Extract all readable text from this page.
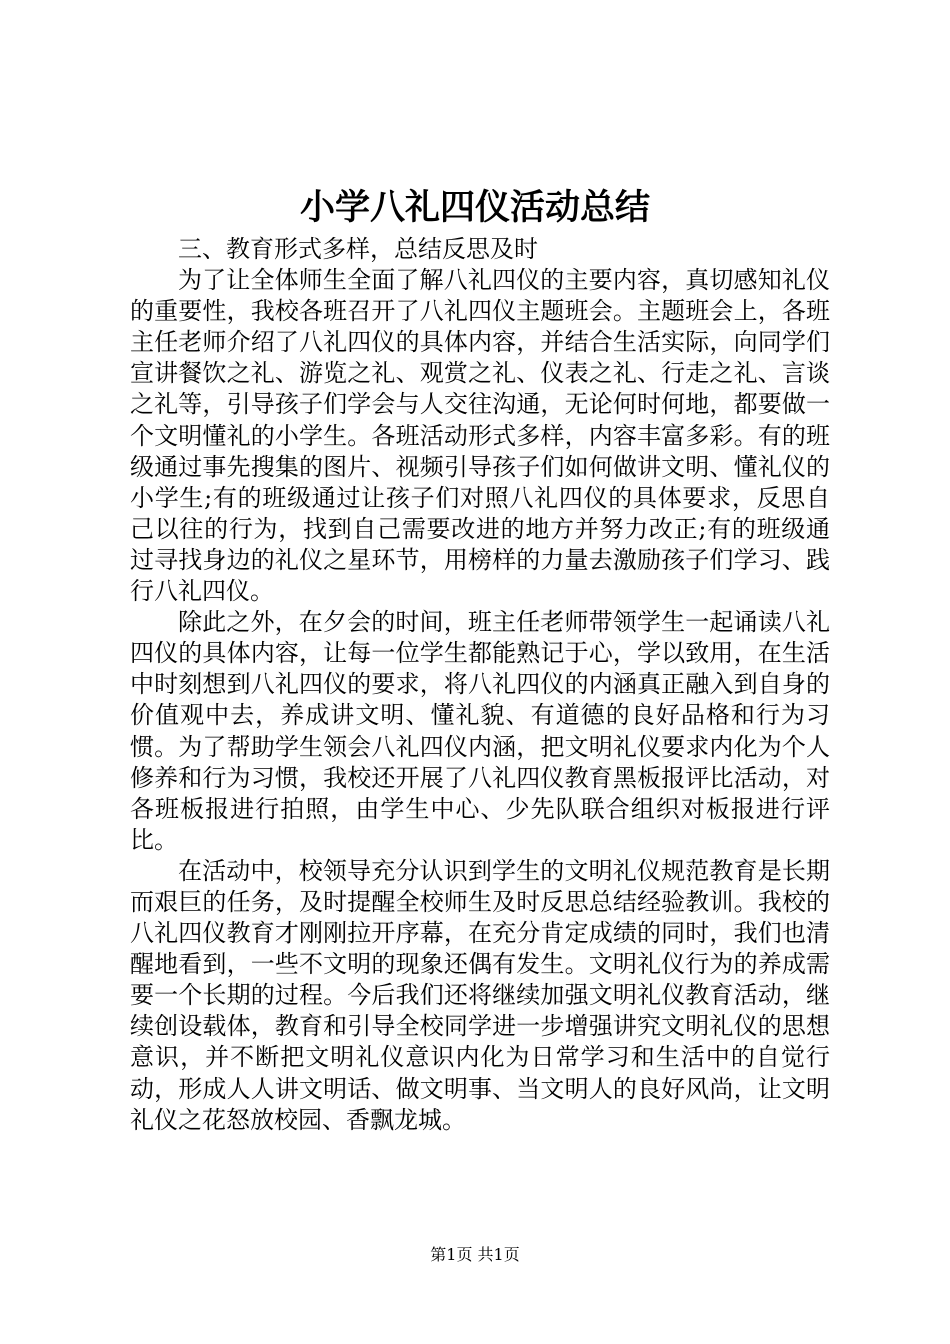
小学八礼四仪活动总结

三、教育形式多样，总结反思及时

为了让全体师生全面了解八礼四仪的主要内容，真切感知礼仪的重要性，我校各班召开了八礼四仪主题班会。主题班会上，各班主任老师介绍了八礼四仪的具体内容，并结合生活实际，向同学们宣讲餐饮之礼、游览之礼、观赏之礼、仪表之礼、行走之礼、言谈之礼等，引导孩子们学会与人交往沟通，无论何时何地，都要做一个文明懂礼的小学生。各班活动形式多样，内容丰富多彩。有的班级通过事先搜集的图片、视频引导孩子们如何做讲文明、懂礼仪的小学生;有的班级通过让孩子们对照八礼四仪的具体要求，反思自己以往的行为，找到自己需要改进的地方并努力改正;有的班级通过寻找身边的礼仪之星环节，用榜样的力量去激励孩子们学习、践行八礼四仪。

除此之外，在夕会的时间，班主任老师带领学生一起诵读八礼四仪的具体内容，让每一位学生都能熟记于心，学以致用，在生活中时刻想到八礼四仪的要求，将八礼四仪的内涵真正融入到自身的价值观中去，养成讲文明、懂礼貌、有道德的良好品格和行为习惯。为了帮助学生领会八礼四仪内涵，把文明礼仪要求内化为个人修养和行为习惯，我校还开展了八礼四仪教育黑板报评比活动，对各班板报进行拍照，由学生中心、少先队联合组织对板报进行评比。

在活动中，校领导充分认识到学生的文明礼仪规范教育是长期而艰巨的任务，及时提醒全校师生及时反思总结经验教训。我校的八礼四仪教育才刚刚拉开序幕，在充分肯定成绩的同时，我们也清醒地看到，一些不文明的现象还偶有发生。文明礼仪行为的养成需要一个长期的过程。今后我们还将继续加强文明礼仪教育活动，继续创设载体，教育和引导全校同学进一步增强讲究文明礼仪的思想意识，并不断把文明礼仪意识内化为日常学习和生活中的自觉行动，形成人人讲文明话、做文明事、当文明人的良好风尚，让文明礼仪之花怒放校园、香飘龙城。

第1页 共1页
